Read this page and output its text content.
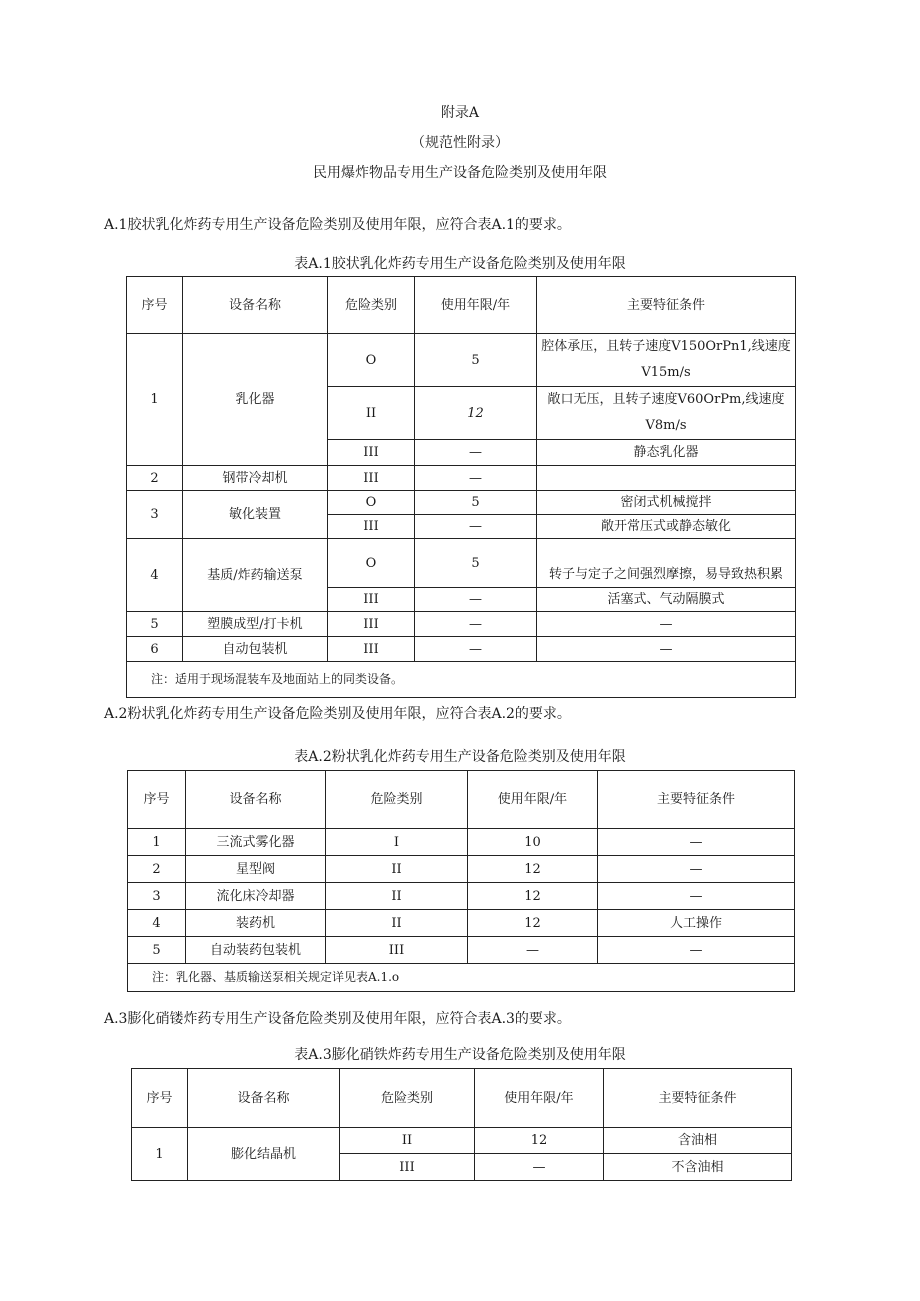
附录A
（规范性附录）
民用爆炸物品专用生产设备危险类别及使用年限
A.1胶状乳化炸药专用生产设备危险类别及使用年限，应符合表A.1的要求。
表A.1胶状乳化炸药专用生产设备危险类别及使用年限
序号	设备名称	危险类别	使用年限/年	主要特征条件
1	乳化器	O	5	腔体承压，且转子速度V150OrPn1,线速度V15m∕s
		II	12	敞口无压，且转子速度V60OrPm,线速度V8m∕s
		III	—	静态乳化器
2	钢带冷却机	III	—	
3	敏化装置	O	5	密闭式机械搅拌
		III	—	敞开常压式或静态敏化
4	基质/炸药输送泵	O	5	转子与定子之间强烈摩擦，易导致热积累
		III	—	活塞式、气动隔膜式
5	塑膜成型/打卡机	III	—	—
6	自动包装机	III	—	—
注：适用于现场混装车及地面站上的同类设备。				
A.2粉状乳化炸药专用生产设备危险类别及使用年限，应符合表A.2的要求。
表A.2粉状乳化炸药专用生产设备危险类别及使用年限
序号	设备名称	危险类别	使用年限/年	主要特征条件
1	三流式雾化器	I	10	—
2	星型阀	II	12	—
3	流化床冷却器	II	12	—
4	装药机	II	12	人工操作
5	自动装药包装机	III	—	—
注：乳化器、基质输送泵相关规定详见表A.1.o				
A.3膨化硝镂炸药专用生产设备危险类别及使用年限，应符合表A.3的要求。
表A.3膨化硝铁炸药专用生产设备危险类别及使用年限
序号	设备名称	危险类别	使用年限/年	主要特征条件
1	膨化结晶机	II	12	含油相
		III	—	不含油相
